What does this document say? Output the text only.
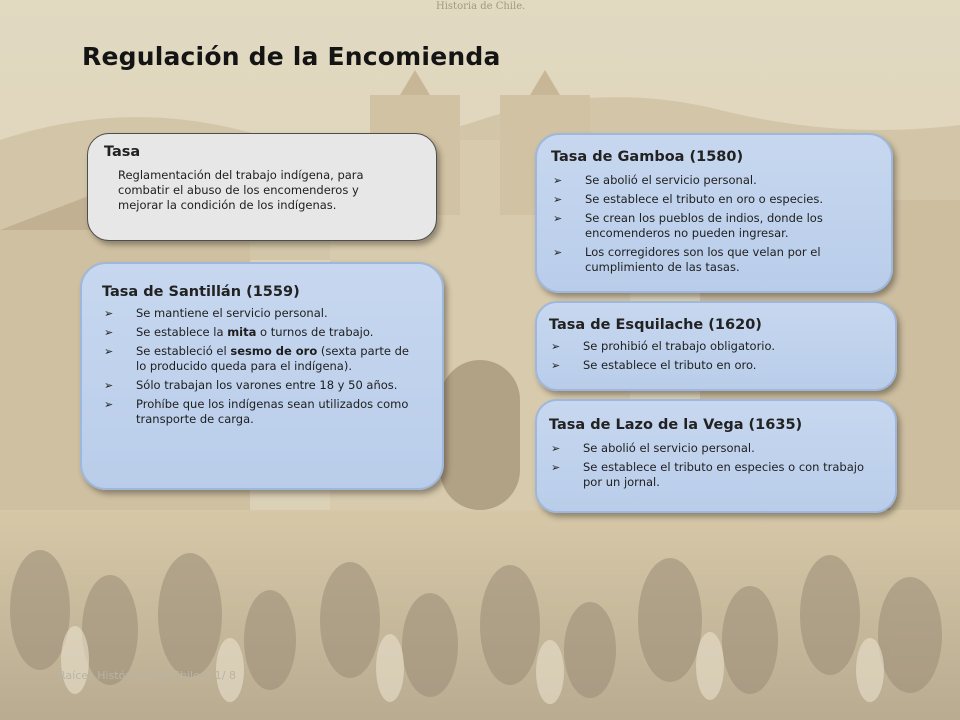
Historia de Chile.
Regulación de la Encomienda
Tasa

Reglamentación del trabajo indígena, para combatir el abuso de los encomenderos y mejorar la condición de los indígenas.

Tasa de Santillán (1559)
➢ Se mantiene el servicio personal.
➢ Se establece la mita o turnos de trabajo.
➢ Se estableció el sesmo de oro (sexta parte de lo producido queda para el indígena).
➢ Sólo trabajan los varones entre 18 y 50 años.
➢ Prohíbe que los indígenas sean utilizados como transporte de carga.
Tasa de Gamboa (1580)
➢ Se abolió el servicio personal.
➢ Se establece el tributo en oro o especies.
➢ Se crean los pueblos de indios, donde los encomenderos no pueden ingresar.
➢ Los corregidores son los que velan por el cumplimiento de las tasas.
Tasa de Esquilache (1620)
➢ Se prohibió el trabajo obligatorio.
➢ Se establece el tributo en oro.
Tasa de Lazo de la Vega (1635)
➢ Se abolió el servicio personal.
➢ Se establece el tributo en especies o con trabajo por un jornal.
Raíces Históricas de Chile U 1/ 8
